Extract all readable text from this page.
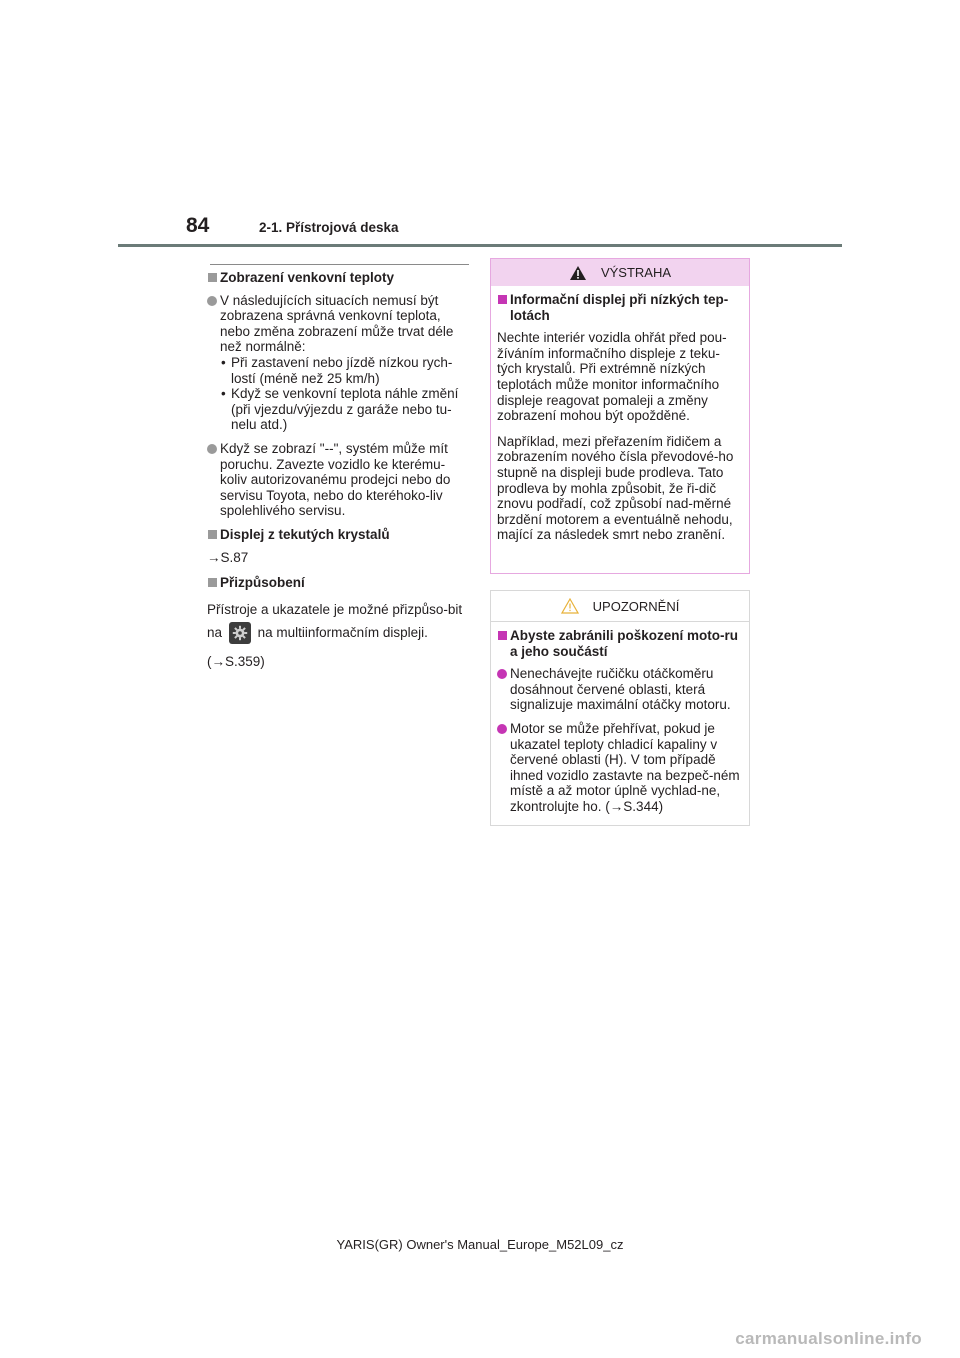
84	2-1. Přístrojová deska
Zobrazení venkovní teploty
V následujících situacích nemusí být zobrazena správná venkovní teplota, nebo změna zobrazení může trvat déle než normálně:
• Při zastavení nebo jízdě nízkou rych-lostí (méně než 25 km/h)
• Když se venkovní teplota náhle změní (při vjezdu/výjezdu z garáže nebo tu-nelu atd.)
Když se zobrazí "--", systém může mít poruchu. Zavezte vozidlo ke kterému-koliv autorizovanému prodejci nebo do servisu Toyota, nebo do kteréhoko-liv spolehlivého servisu.
Displej z tekutých krystalů
→S.87
Přizpůsobení
Přístroje a ukazatele je možné přizpůso-bit na	na multiinformačním displeji.
(→S.359)
VÝSTRAHA
Informační displej při nízkých tep-lotách
Nechte interiér vozidla ohřát před pou-žíváním informačního displeje z teku-tých krystalů. Při extrémně nízkých teplotách může monitor informačního displeje reagovat pomaleji a změny zobrazení mohou být opožděné.
Například, mezi přeřazením řidičem a zobrazením nového čísla převodové-ho stupně na displeji bude prodleva. Tato prodleva by mohla způsobit, že ři-dič znovu podřadí, což způsobí nad-měrné brzdění motorem a eventuálně nehodu, mající za následek smrt nebo zranění.
UPOZORNĚNÍ
Abyste zabránili poškození moto-ru a jeho součástí
Nenechávejte ručičku otáčkoměru dosáhnout červené oblasti, která signalizuje maximální otáčky motoru.
Motor se může přehřívat, pokud je ukazatel teploty chladicí kapaliny v červené oblasti (H). V tom případě ihned vozidlo zastavte na bezpeč-ném místě a až motor úplně vychlad-ne, zkontrolujte ho. (→S.344)
YARIS(GR) Owner's Manual_Europe_M52L09_cz
carmanualsonline.info
